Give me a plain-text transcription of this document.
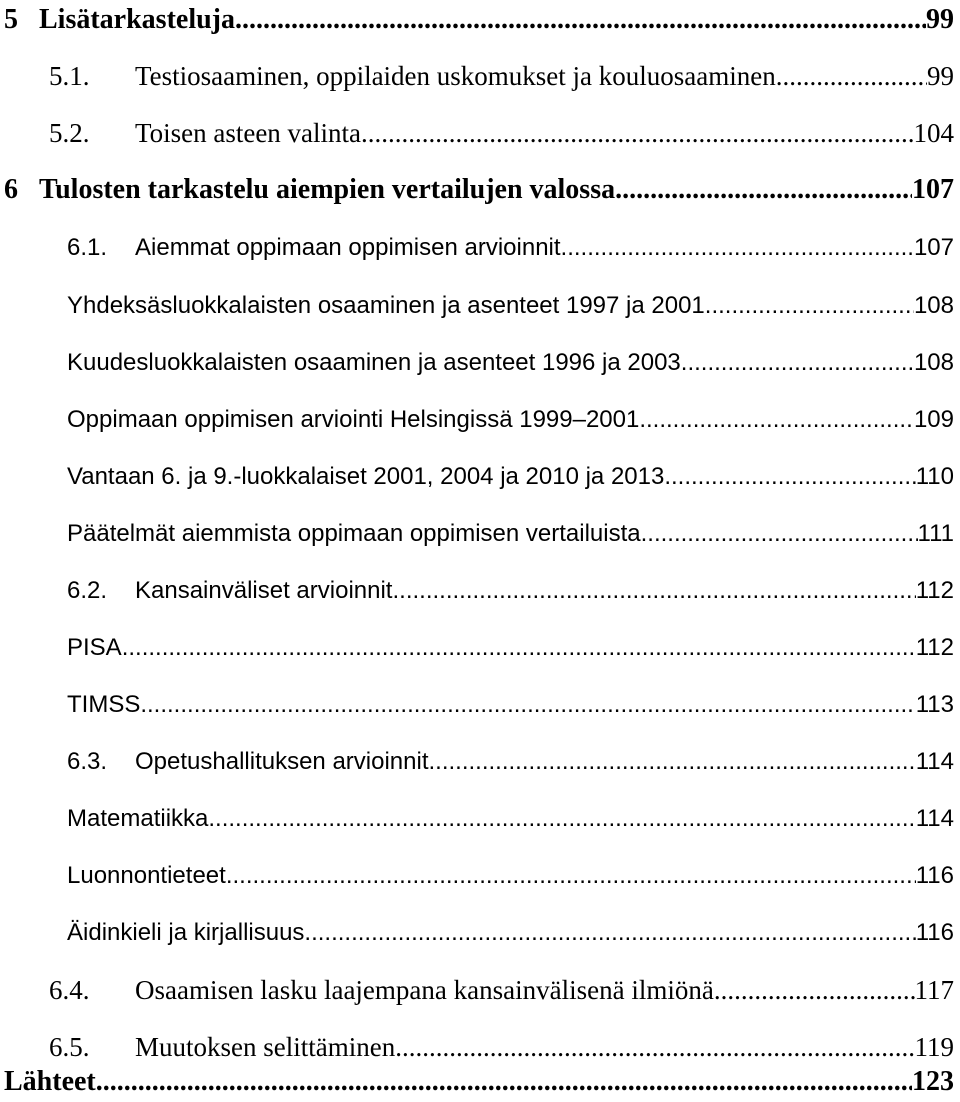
5 Lisätarkasteluja .....	99
5.1.	Testiosaaminen, oppilaiden uskomukset ja kouluosaaminen .....	99
5.2.	Toisen asteen valinta .....	104
6 Tulosten tarkastelu aiempien vertailujen valossa .....	107
6.1.	Aiemmat oppimaan oppimisen arvioinnit .....	107
Yhdeksäsluokkalaisten osaaminen ja asenteet 1997 ja 2001 .....	108
Kuudesluokkalaisten osaaminen ja asenteet 1996 ja 2003 .....	108
Oppimaan oppimisen arviointi Helsingissä 1999–2001 .....	109
Vantaan 6. ja 9.-luokkalaiset 2001, 2004 ja 2010 ja 2013 .....	110
Päätelmät aiemmista oppimaan oppimisen vertailuista .....	111
6.2.	Kansainväliset arvioinnit .....	112
PISA .....	112
TIMSS .....	113
6.3.	Opetushallituksen arvioinnit .....	114
Matematiikka .....	114
Luonnontieteet .....	116
Äidinkieli ja kirjallisuus .....	116
6.4.	Osaamisen lasku laajempana kansainvälisenä ilmiönä .....	117
6.5.	Muutoksen selittäminen .....	119
Lähteet .....	123
